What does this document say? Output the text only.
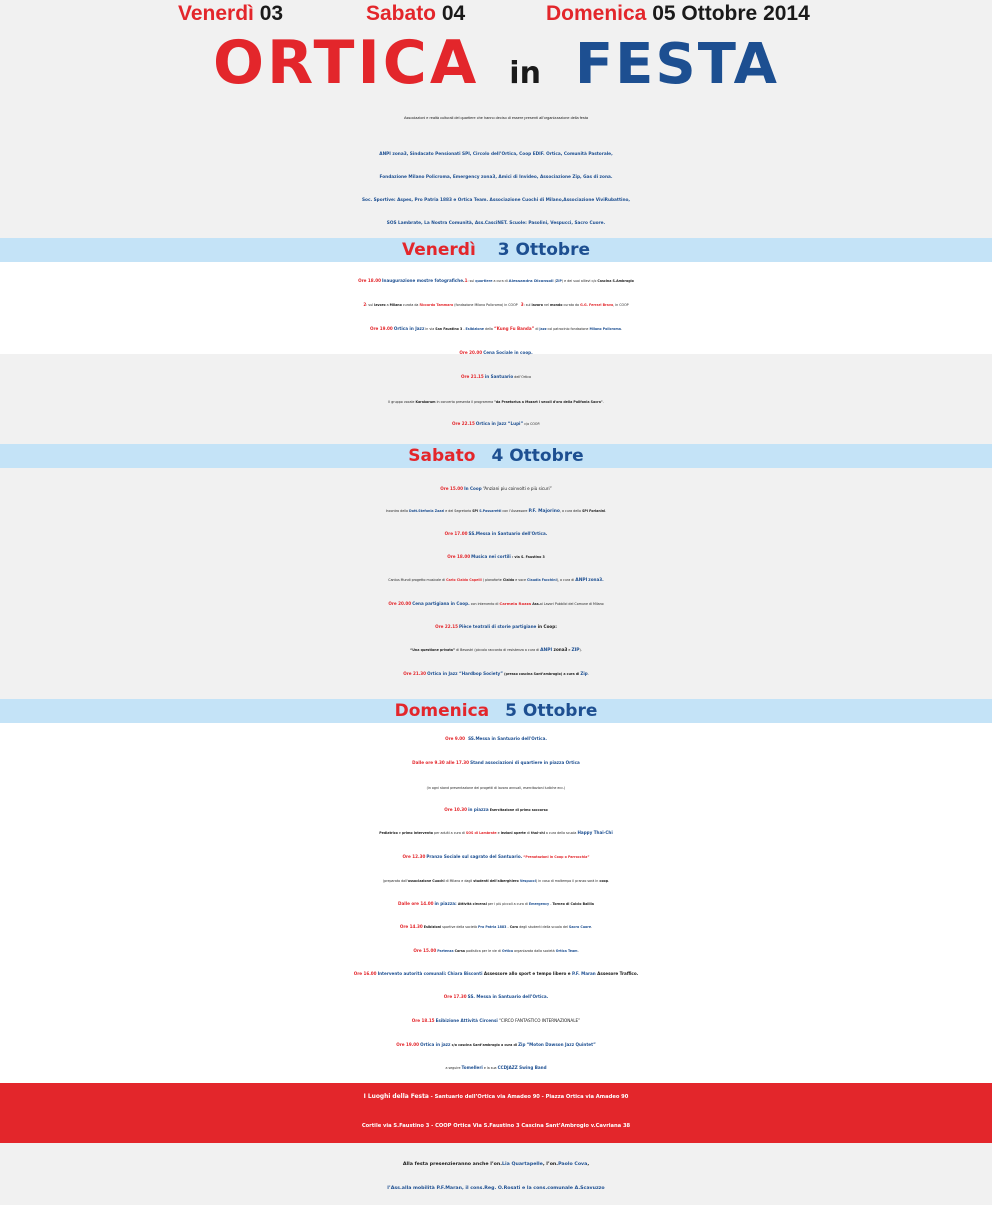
Venerdì 03	Sabato 04	Domenica 05 Ottobre 2014
ORTICA in FESTA
Associazioni e realtà culturali del quartiere che hanno deciso di essere presenti all’organizzazione della festa
ANPI zona3, Sindacato Pensionati SPI, Circolo dell’Ortica, Coop EDIF. Ortica, Comunità Pastorale,
Fondazione Milano Policroma, Emergency zona3, Amici di Invideo, Associazione Zip, Gas di zona.
Soc. Sportive: Aspes, Pro Patria 1883 e Ortica Team. Associazione Cuochi di Milano,Associazione ViviRubattino,
SOS Lambrate, La Nostra Comunità, Ass.CasciNET. Scuole: Pasolini, Vespucci, Sacro Cuore.
Venerdì 3 Ottobre
Ore 18.00 Inaugurazione mostre fotografiche.1: sul quartiere a cura di Alessandra Diconsoli (ZIP) e dei suoi allievi c/o Cascina S.Ambrogio
2: sul lavoro a Milano curata da Riccardo Tammaro (fondazione Milano Policroma) in COOP 3: sul lavoro nel mondo curata da G.G. Ferrari Bravo, in COOP
Ore 19.00 Ortica in Jazz in via San Faustino 3 - Esibizione della “Kung Fu Banda” di jazz col patrocinio fondazione Milano Policroma.
Ore 20.00 Cena Sociale in coop.
Ore 21.15 in Santuario dell’Ortica
Il gruppo vocale Karakorum in concerto presenta il programma "da Praetorius a Mozart i secoli d'oro della Polifonia Sacra".
Ore 22.15 Ortica in Jazz “Lupi” c/o COOP.
Sabato 4 Ottobre
Ore 15.00 In Coop “Anziani piu coinvolti e più sicuri”
Incontro della Dott.Stefania Zazzi e del Segretario SPI S.Passaretti con l’Assessore P.F. Majorino, a cura dello SPI Forlanini.
Ore 17.00 SS.Messa in Santuario dell'Ortica.
Ore 18.00 Musica nei cortili : via S. Faustino 3
Cantus Mundi progetto musicale di Carlo Cialdo Capelli ( pianoforte Cialdo e voce Claudia Facchini), a cura di ANPI zona3.
Ore 20.00 Cena partigiana in Coop. con intervento di Carmela Rozza Ass.ai Lavori Pubblici del Comune di Milano
Ore 22.15 Pièce teatrali di storie partigiane in Coop:
“Una questione privata” di Besostri (piccolo racconto di resistenza a cura di ANPI zona3 e ZIP).
Ore 21.30 Ortica in Jazz “Hardbop Society” (presso cascina Sant’ambrogio) a cura di Zip.
Domenica 5 Ottobre
Ore 9.00 SS.Messa in Santuario dell'Ortica.
Dalle ore 9.30 alle 17.30 Stand associazioni di quartiere in piazza Ortica
(in ogni stand presentazione dei progetti di lavoro annuali, esercitazioni ludiche ecc.)
Ore 10.30 in piazza Esercitazione di primo soccorso
Pediatrico e primo intervento per adulti a cura di SOS di Lambrate e lezioni aperte di thai-chi a cura della scuola Happy Thai-Chi
Ore 12.30 Pranzo Sociale sul sagrato del Santuario. “Prenotazioni in Coop o Parrocchia”
(preparato dall'associazione Cuochi di Milano e dagli studenti dell'alberghiero Vespucci) in caso di maltempo il pranzo sarà in coop.
Dalle ore 14.00 in piazza: Attività circensi per i più piccoli a cura di Emergency - Torneo di Calcio Balilla
Ore 14.30 Esibizioni sportive della società Pro Patria 1883 - Coro degli studenti della scuola del Sacro Cuore.
Ore 15.00 Partenza Corsa podistica per le vie di Ortica organizzata dalla società Ortica Team.
Ore 16.00 Intervento autorità comunali: Chiara Bisconti Assessore allo sport e tempo libero e P.F. Maran Assesore Traffico.
Ore 17.30 SS. Messa in Santuario dell’Ortica.
Ore 18.15 Esibizione Attività Circensi “CIRCO FANTASTICO INTERNAZIONALE”
Ore 19.00 Ortica in jazz c/o cascina Sant’ambrogio a cura di Zip “Moton Dawson Jazz Quintet”
a seguire Tomelleri e la sua CCDJAZZ Swing Band
I Luoghi della Festa - Santuario dell’Ortica via Amadeo 90 - Piazza Ortica via Amadeo 90
Cortile via S.Faustino 3 - COOP Ortica Via S.Faustino 3 Cascina Sant’Ambrogio v.Cavriana 38
Alla festa presenzieranno anche l’on.Lia Quartapelle, l’on.Paolo Cova,
l’Ass.alla mobilità P.F.Maran, il cons.Reg. O.Rosati e la cons.comunale A.Scavuzzo
